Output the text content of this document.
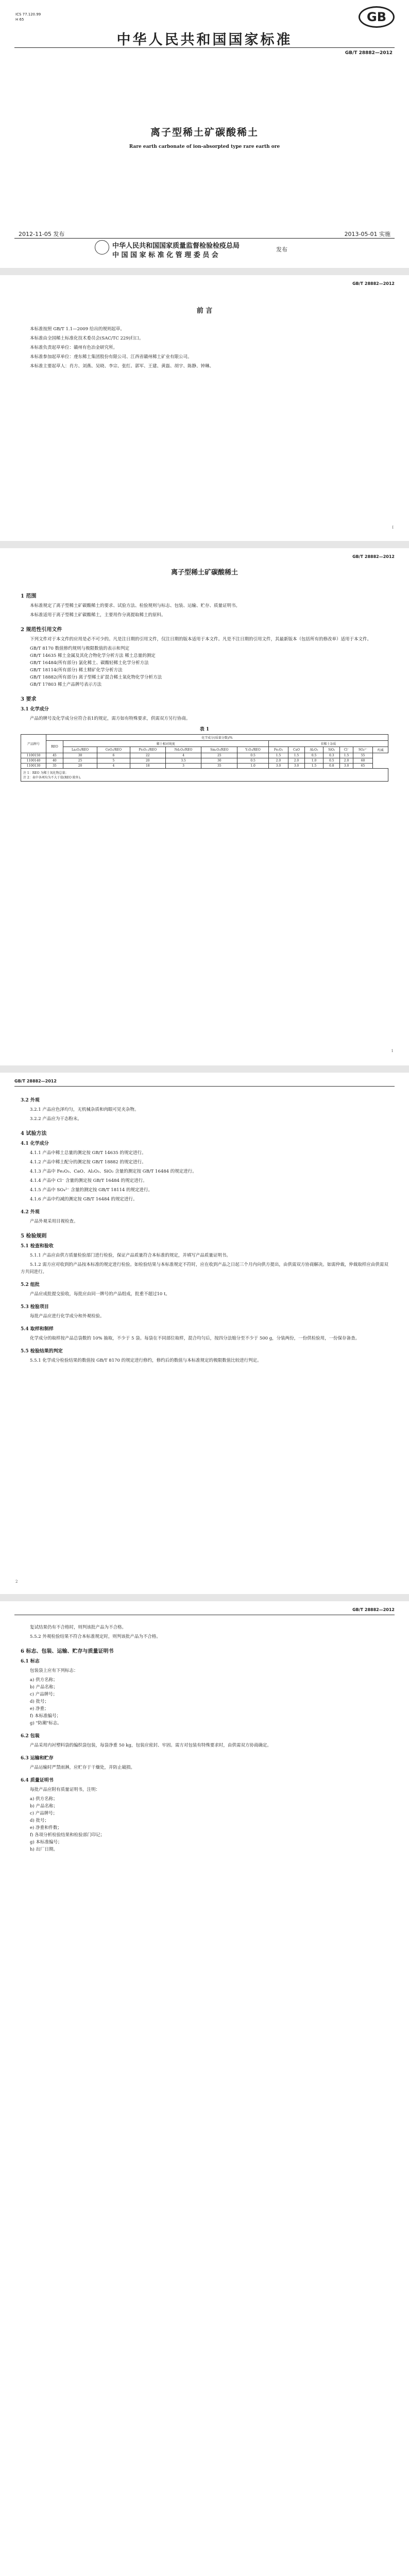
ICS 77.120.99
H 65	GB
中华人民共和国国家标准
GB/T 28882—2012
离子型稀土矿碳酸稀土
Rare earth carbonate of ion-absorpted type rare earth ore
2012-11-05 发布	2013-05-01 实施
中华人民共和国国家质量监督检验检疫总局
中 国 国 家 标 准 化 管 理 委 员 会
发布
GB/T 28882—2012
前 言

本标准按照 GB/T 1.1—2009 给出的规则起草。

本标准由全国稀土标准化技术委员会(SAC/TC 229)归口。

本标准负责起草单位：赣州有色冶金研究所。

本标准参加起草单位：虔东稀土集团股份有限公司、江西省赣州稀土矿业有限公司。

本标准主要起草人：肖方、刘燕、吴晓、李宗、张红、郭军、王建、黄磊、胡宇、陈静、钟琳。

I
GB/T 28882—2012
离子型稀土矿碳酸稀土
1 范围

本标准规定了离子型稀土矿碳酸稀土的要求、试验方法、检验规则与标志、包装、运输、贮存、质量证明书。

本标准适用于离子型稀土矿碳酸稀土，主要用作分离提取稀土的原料。

2 规范性引用文件

下列文件对于本文件的应用是必不可少的。凡是注日期的引用文件，仅注日期的版本适用于本文件。凡是不注日期的引用文件，其最新版本（包括所有的修改单）适用于本文件。

GB/T 8170 数值修约规则与极限数值的表示和判定

GB/T 14635 稀土金属及其化合物化学分析方法 稀土总量的测定

GB/T 16484(所有部分) 氯化稀土、碳酸轻稀土化学分析方法

GB/T 18114(所有部分) 稀土精矿化学分析方法

GB/T 18882(所有部分) 离子型稀土矿混合稀土氧化物化学分析方法

GB/T 17803 稀土产品牌号表示方法

3 要求
3.1 化学成分

产品的牌号及化学成分应符合表1的规定，需方如有特殊要求，供需双方另行协商。

表 1
产品牌号	化学成分(质量分数)/%													
	REO	稀土相对纯度						非稀土杂质						
		La₂O₃/REO	CeO₂/REO	Pr₆O₁₁/REO	Nd₂O₃/REO	Sm₂O₃/REO	Y₂O₃/REO	Fe₂O₃	CaO	Al₂O₃	SiO₂	Cl⁻	SO₄²⁻	灼减
1100150	45	30	6	22	4	25	0.5	1.5	1.5	0.5	0.3	1.5	55	
1100140	40	25	5	20	3.5	30	0.5	2.0	2.0	1.0	0.5	2.0	60	
1100130	35	20	4	18	3	35	1.0	3.0	3.0	1.5	0.8	3.0	65	

注 1：REO 为稀土氧化物总量；
注 2：表中各项均为不大于值(REO 除外)。														
1
GB/T 28882—2012
3.2 外观

3.2.1 产品应色泽均匀，无机械杂质和肉眼可见夹杂物。

3.2.2 产品应为干态粉末。

4 试验方法
4.1 化学成分

4.1.1 产品中稀土总量的测定按 GB/T 14635 的规定进行。

4.1.2 产品中稀土配分的测定按 GB/T 18882 的规定进行。

4.1.3 产品中 Fe₂O₃、CaO、Al₂O₃、SiO₂ 含量的测定按 GB/T 16484 的规定进行。

4.1.4 产品中 Cl⁻ 含量的测定按 GB/T 16484 的规定进行。

4.1.5 产品中 SO₄²⁻ 含量的测定按 GB/T 18114 的规定进行。

4.1.6 产品中灼减的测定按 GB/T 16484 的规定进行。

4.2 外观

产品外观采用目视检查。

5 检验规则
5.1 检查和验收

5.1.1 产品应由供方质量检验部门进行检验，保证产品质量符合本标准的规定，并填写产品质量证明书。

5.1.2 需方应对收到的产品按本标准的规定进行检验。如检验结果与本标准规定不符时，应在收到产品之日起三个月内向供方提出，由供需双方协商解决。如需仲裁，仲裁取样应由供需双方共同进行。

5.2 组批

产品应成批提交验收，每批应由同一牌号的产品组成，批重不超过10 t。

5.3 检验项目

每批产品应进行化学成分和外观检验。

5.4 取样和制样

化学成分的取样按产品总袋数的 10% 抽取，不少于 5 袋。每袋在不同部位取样，混合均匀后，按四分法缩分至不少于 500 g，分装两份，一份供检验用，一份保存备查。

5.5 检验结果的判定

5.5.1 化学成分检验结果的数值按 GB/T 8170 的规定进行修约，修约后的数值与本标准规定的极限数值比较进行判定。

2
GB/T 28882—2012

复试结果仍有不合格时，则判该批产品为不合格。

5.5.2 外观检验结果不符合本标准规定时，则判该批产品为不合格。

6 标志、包装、运输、贮存与质量证明书
6.1 标志

包装袋上应有下列标志：

a) 供方名称；

b) 产品名称；

c) 产品牌号；

d) 批号；

e) 净重；

f) 本标准编号；

g) "防潮"标志。

6.2 包装

产品采用内衬塑料袋的编织袋包装，每袋净重 50 kg，包装应密封、牢固。需方对包装有特殊要求时，由供需双方协商确定。

6.3 运输和贮存

产品运输时严禁雨淋，应贮存于干燥处，并防止破损。

6.4 质量证明书

每批产品应附有质量证明书，注明：

a) 供方名称；

b) 产品名称；

c) 产品牌号；

d) 批号；

e) 净重和件数；

f) 各项分析检验结果和检验部门印记；

g) 本标准编号；

h) 出厂日期。
